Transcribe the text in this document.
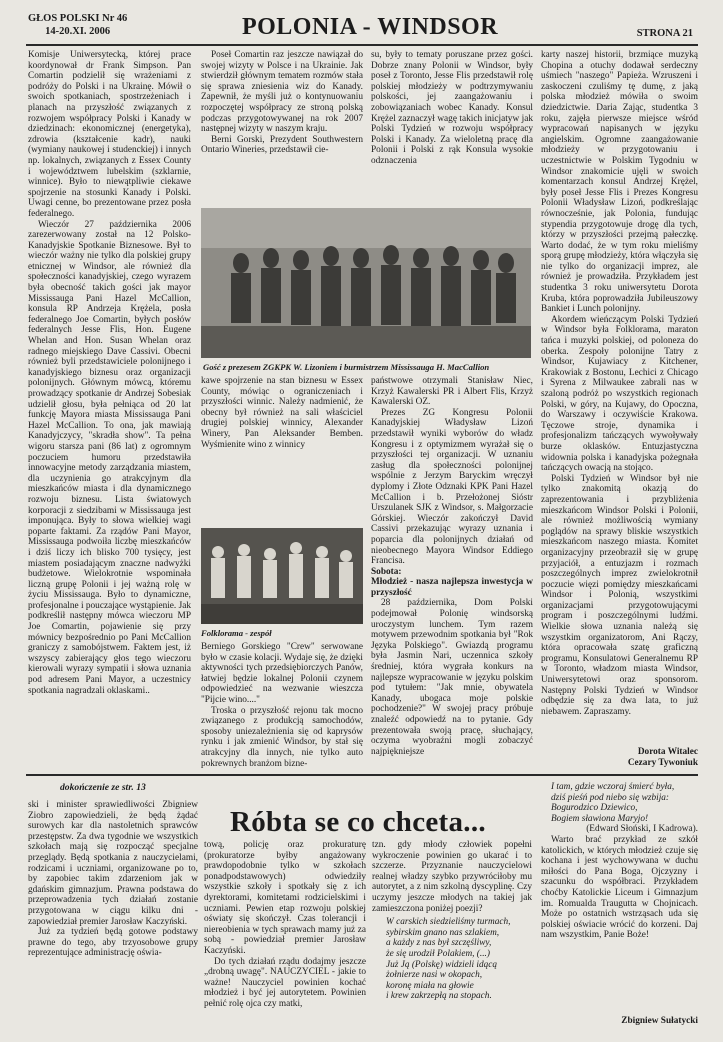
GŁOS POLSKI Nr 46
14-20.XI. 2006	POLONIA - WINDSOR	STRONA 21

Komisje Uniwersytecką, której prace koordynował dr Frank Simpson. Pan Comartin podzielił się wrażeniami z podróży do Polski i na Ukrainę. Mówił o swoich spotkaniach, spostrzeżeniach i planach na przyszłość związanych z rozwojem współpracy Polski i Kanady w dziedzinach: ekonomicznej (energetyka), zdrowia (kształcenie kadr), nauki (wymiany naukowej i studenckiej) i innych np. lokalnych, związanych z Essex County i województwem lubelskim (szklarnie, winnice). Było to niewątpliwie ciekawe spojrzenie na stosunki Kanady i Polski. Uwagi cenne, bo prezentowane przez posła federalnego.

Wieczór 27 października 2006 zarezerwowany został na 12 Polsko-Kanadyjskie Spotkanie Biznesowe. Był to wieczór ważny nie tylko dla polskiej grupy etnicznej w Windsor, ale również dla społeczności kanadyjskiej, czego wyrazem była obecność takich gości jak mayor Mississauga Pani Hazel McCallion, konsula RP Andrzeja Krężela, posła federalnego Joe Comartin, byłych posłów federalnych Jesse Flis, Hon. Eugene Whelan and Hon. Susan Whelan oraz radnego miejskiego Dave Cassivi. Obecni również byli przedstawiciele polonijnego i kanadyjskiego biznesu oraz organizacji polonijnych. Głównym mówcą, któremu prowadzący spotkanie dr Andrzej Sobesiak udzielił głosu, była pełniąca od 20 lat funkcję Mayora miasta Mississauga Pani Hazel McCallion. To ona, jak mawiają Kanadyjczycy, "skradła show". Ta pełna wigoru starsza pani (86 lat) z ogromnym poczuciem humoru przedstawiła innowacyjne metody zarządzania miastem, dla uczynienia go atrakcyjnym dla mieszkańców miasta i dla dynamicznego rozwoju biznesu. Lista światowych korporacji z siedzibami w Mississauga jest imponująca. Były to słowa wielkiej wagi poparte faktami. Za rządów Pani Mayor, Mississauga podwoiła liczbę mieszkańców i dziś liczy ich blisko 700 tysięcy, jest miastem posiadającym znaczne nadwyżki budżetowe. Wielokrotnie wspominała liczną grupę Polonii i jej ważną rolę w życiu Mississauga. Było to dynamiczne, profesjonalne i pouczające wystąpienie. Jak podkreślił następny mówca wieczoru MP Joe Comartin, pojawienie się przy mównicy bezpośrednio po Pani McCallion graniczy z samobójstwem. Faktem jest, iż wszyscy zabierający głos tego wieczoru kierowali wyrazy sympatii i słowa uznania pod adresem Pani Mayor, a uczestnicy spotkania nagradzali oklaskami..

Poseł Comartin raz jeszcze nawiązał do swojej wizyty w Polsce i na Ukrainie. Jak stwierdził głównym tematem rozmów stała się sprawa zniesienia wiz do Kanady. Zapewnił, że myśli już o kontynuowaniu rozpoczętej współpracy ze stroną polską podczas przygotowywanej na rok 2007 następnej wizyty w naszym kraju.

Berni Gorski, Prezydent Southwestern Ontario Wineries, przedstawił cie-

su, były to tematy poruszane przez gości. Dobrze znany Polonii w Windsor, były poseł z Toronto, Jesse Flis przedstawił rolę polskiej młodzieży w podtrzymywaniu polskości, jej zaangażowaniu i zobowiązaniach wobec Kanady. Konsul Krężel zaznaczył wagę takich inicjatyw jak Polski Tydzień w rozwoju współpracy Polski i Kanady. Za wieloletną pracę dla Polonii i Polski z rąk Konsula wysokie odznaczenia

Gość z prezesem ZGKPK W. Lizoniem i burmistrzem Mississauga H. MacCallion

kawe spojrzenie na stan biznesu w Essex County, mówiąc o ograniczeniach i przyszłości winnic. Należy nadmienić, że obecny był również na sali właściciel drugiej polskiej winnicy, Alexander Winery, Pan Aleksander Bemben. Wyśmienite wino z winnicy

państwowe otrzymali Stanisław Niec, Krzyż Kawalerski PR i Albert Flis, Krzyż Kawalerski OZ.

Prezes ZG Kongresu Polonii Kanadyjskiej Władysław Lizoń przedstawił wyniki wyborów do władz Kongresu i z optymizmem wyrażał się o przyszłości tej organizacji. W uznaniu zasług dla społeczności polonijnej wspólnie z Jerzym Baryckim wręczył dyplomy i Złote Odznaki KPK Pani Hazel McCallion i b. Przełożonej Sióstr Urszulanek SJK z Windsor, s. Małgorzacie Górskiej. Wieczór zakończył David Cassivi przekazując wyrazy uznania i poparcia dla polonijnych działań od nieobecnego Mayora Windsor Eddiego Francisa.

Sobota:

Młodzież - nasza najlepsza inwestycja w przyszłość

28 października, Dom Polski podejmował Polonię windsorską uroczystym lunchem. Tym razem motywem przewodnim spotkania był "Rok Języka Polskiego". Gwiazdą programu była Jasmin Nari, uczennica szkoły średniej, która wygrała konkurs na najlepsze wypracowanie w języku polskim pod tytułem: "Jak mnie, obywatela Kanady, ubogaca moje polskie pochodzenie?" W swojej pracy próbuje znaleźć odpowiedź na to pytanie. Gdy prezentowała swoją pracę, słuchający, oczyma wyobraźni mogli zobaczyć najpiękniejsze

Folklorama - zespół

Berniego Gorskiego "Crew" serwowane było w czasie kolacji. Wydaje się, że dzięki aktywności tych przedsiębiorczych Panów, łatwiej będzie lokalnej Polonii czynem odpowiedzieć na wezwanie wieszcza "Pijcie wino...."

Troska o przyszłość rejonu tak mocno związanego z produkcją samochodów, sposoby uniezależnienia się od kaprysów rynku i jak zmienić Windsor, by stał się atrakcyjny dla innych, nie tylko auto pokrewnych branżom bizne-

karty naszej historii, brzmiące muzyką Chopina a otuchy dodawał serdeczny uśmiech "naszego" Papieża. Wzruszeni i zaskoczeni czuliśmy tę dumę, z jaką polska młodzież mówiła o swoim dziedzictwie. Daria Zając, studentka 3 roku, zajęła pierwsze miejsce wśród wypracowań napisanych w języku angielskim. Ogromne zaangażowanie młodzieży w przygotowaniu i uczestnictwie w Polskim Tygodniu w Windsor znakomicie ujęli w swoich komentarzach konsul Andrzej Krężel, były poseł Jesse Flis i Prezes Kongresu Polonii Władysław Lizoń, podkreślając równocześnie, jak Polonia, fundując stypendia przygotowuje drogę dla tych, którzy w przyszłości przejmą pałeczkę. Warto dodać, że w tym roku mieliśmy sporą grupę młodzieży, która włączyła się nie tylko do organizacji imprez, ale również je prowadziła. Przykładem jest studentka 3 roku uniwersytetu Dorota Kruba, która poprowadziła Jubileuszowy Bankiet i Lunch polonijny.

Akordem wieńczącym Polski Tydzień w Windsor była Folklorama, maraton tańca i muzyki polskiej, od poloneza do oberka. Zespoły polonijne Tatry z Windsor, Kujawiacy z Kitchener, Krakowiak z Bostonu, Lechici z Chicago i Syrena z Milwaukee zabrali nas w szaloną podróż po wszystkich regionach Polski, w góry, na Kujawy, do Opoczna, do Warszawy i oczywiście Krakowa. Tęczowe stroje, dynamika i profesjonalizm tańczących wywoływały burze oklasków. Entuzjastyczna widownia polska i kanadyjska pożegnała tańczących owacją na stojąco.

Polski Tydzień w Windsor był nie tylko znakomitą okazją do zaprezentowania i przybliżenia mieszkańcom Windsor Polski i Polonii, ale również możliwością wymiany poglądów na sprawy bliskie wszystkich mieszkańcom naszego miasta. Komitet organizacyjny przeobraził się w grupę przyjaciół, a entuzjazm i rozmach poszczególnych imprez zwielokrotnił poczucie więzi pomiędzy mieszkańcami Windsor i Polonią, wszystkimi organizacjami przygotowującymi program i poszczególnymi ludźmi. Wielkie słowa uznania należą się wszystkim organizatorom, Ani Rączy, która opracowała szatę graficzną programu, Konsulatowi Generalnemu RP w Toronto, władzom miasta Windsor, Uniwersytetowi oraz sponsorom. Następny Polski Tydzień w Windsor odbędzie się za dwa lata, to już niebawem. Zapraszamy.

Dorota Witalec
Cezary Tywoniuk
dokończenie ze str. 13
Róbta se co chceta...

ski i minister sprawiedliwości Zbigniew Ziobro zapowiedzieli, że będą żądać surowych kar dla nastoletnich sprawców przestępstw. Za dwa tygodnie we wszystkich szkołach mają się rozpocząć specjalne przeglądy. Będą spotkania z nauczycielami, rodzicami i uczniami, organizowane po to, by zapobiec takim zdarzeniom jak w gdańskim gimnazjum. Prawna podstawa do przeprowadzenia tych działań zostanie przygotowana w ciągu kilku dni - zapowiedział premier Jarosław Kaczyński.

Już za tydzień będą gotowe podstawy prawne do tego, aby trzyosobowe grupy reprezentujące administrację oświa-

tową, policję oraz prokuraturę (prokuratorze byłby angażowany prawdopodobnie tylko w szkołach ponadpodstawowych) odwiedziły wszystkie szkoły i spotkały się z ich dyrektorami, komitetami rodzicielskimi i uczniami. Pewien etap rozwoju polskiej oświaty się skończył. Czas tolerancji i niereobienia w tych sprawach mamy już za sobą - powiedział premier Jarosław Kaczyński.

Do tych działań rządu dodajmy jeszcze „drobną uwagę". NAUCZYCIEL - jakie to ważne! Nauczyciel powinien kochać młodzież i być jej autorytetem. Powinien pełnić rolę ojca czy matki,

tzn. gdy młody człowiek popełni wykroczenie powinien go ukarać i to szczerze. Przyznanie nauczycielowi realnej władzy szybko przywróciłoby mu autorytet, a z nim szkolną dyscyplinę. Czy uczymy jeszcze młodych na takiej jak zamieszczona poniżej poezji?

W carskich siedzieliśmy turmach,

sybirskim gnano nas szlakiem,

a każdy z nas był szczęśliwy,

że się urodził Polakiem, (...)

Już Ją (Polskę) widzieli idącą

żołnierze nasi w okopach,

koronę miała na głowie

i krew zakrzepłą na stopach.

I tam, gdzie wczoraj śmierć była,

dziś pieśń pod niebo się wzbija:

Bogurodzico Dziewico,

Bogiem sławiona Maryjo!

(Edward Słoński, I Kadrowa).

Warto brać przykład ze szkół katolickich, w których młodzież czuje się kochana i jest wychowywana w duchu miłości do Pana Boga, Ojczyzny i szacunku do współbraci. Przykładem choćby Katolickie Liceum i Gimnazjum im. Romualda Traugutta w Chojnicach. Może po ostatnich wstrząsach uda się polskiej oświacie wrócić do korzeni. Daj nam wszystkim, Panie Boże!

Zbigniew Sułatycki
